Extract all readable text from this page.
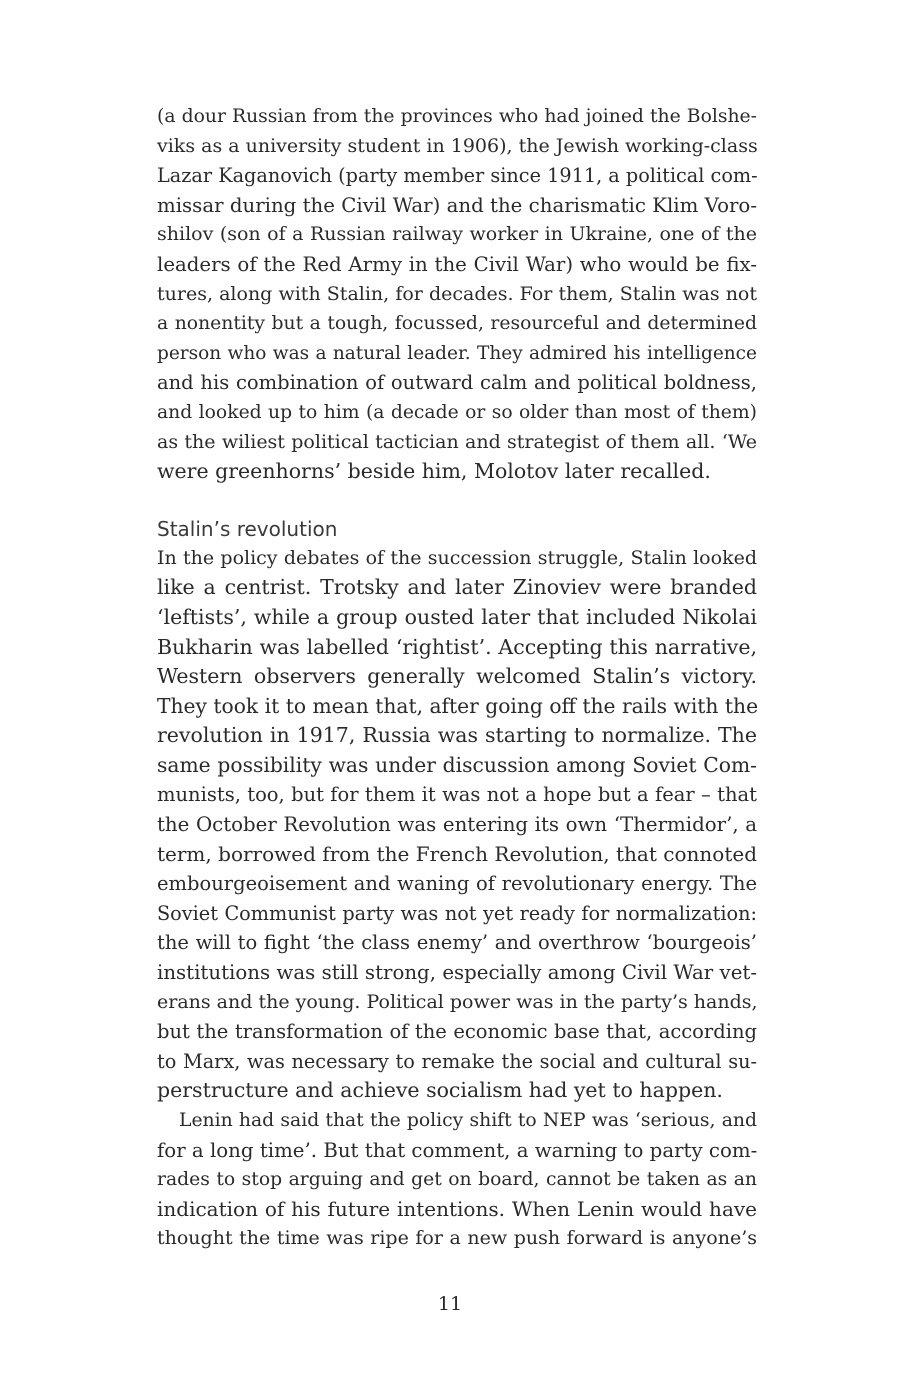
(a dour Russian from the provinces who had joined the Bolshe-
viks as a university student in 1906), the Jewish working-class
Lazar Kaganovich (party member since 1911, a political com-
missar during the Civil War) and the charismatic Klim Voro-
shilov (son of a Russian railway worker in Ukraine, one of the
leaders of the Red Army in the Civil War) who would be fix-
tures, along with Stalin, for decades. For them, Stalin was not
a nonentity but a tough, focussed, resourceful and determined
person who was a natural leader. They admired his intelligence
and his combination of outward calm and political boldness,
and looked up to him (a decade or so older than most of them)
as the wiliest political tactician and strategist of them all. ‘We
were greenhorns’ beside him, Molotov later recalled.
Stalin’s revolution
In the policy debates of the succession struggle, Stalin looked
like a centrist. Trotsky and later Zinoviev were branded
‘leftists’, while a group ousted later that included Nikolai
Bukharin was labelled ‘rightist’. Accepting this narrative,
Western observers generally welcomed Stalin’s victory.
They took it to mean that, after going off the rails with the
revolution in 1917, Russia was starting to normalize. The
same possibility was under discussion among Soviet Com-
munists, too, but for them it was not a hope but a fear – that
the October Revolution was entering its own ‘Thermidor’, a
term, borrowed from the French Revolution, that connoted
embourgeoisement and waning of revolutionary energy. The
Soviet Communist party was not yet ready for normalization:
the will to fight ‘the class enemy’ and overthrow ‘bourgeois’
institutions was still strong, especially among Civil War vet-
erans and the young. Political power was in the party’s hands,
but the transformation of the economic base that, according
to Marx, was necessary to remake the social and cultural su-
perstructure and achieve socialism had yet to happen.
Lenin had said that the policy shift to NEP was ‘serious, and
for a long time’. But that comment, a warning to party com-
rades to stop arguing and get on board, cannot be taken as an
indication of his future intentions. When Lenin would have
thought the time was ripe for a new push forward is anyone’s
11
